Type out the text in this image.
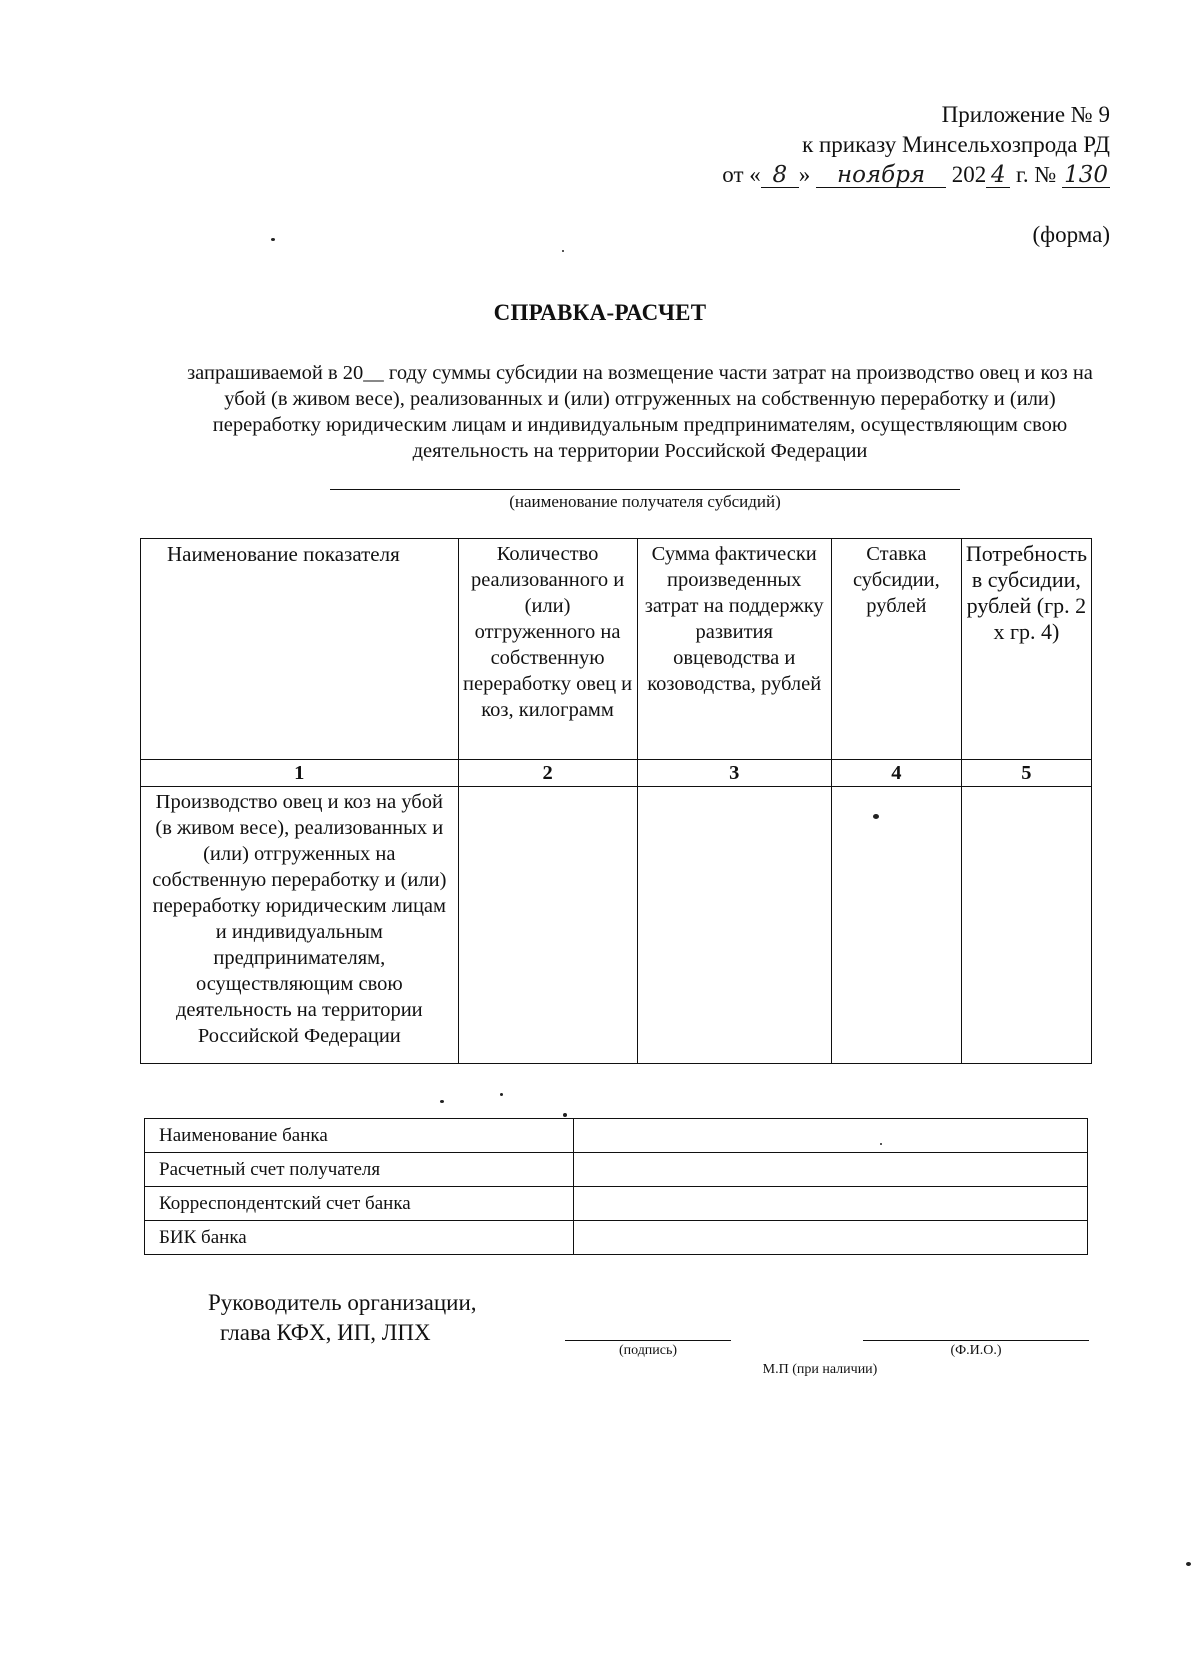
Приложение № 9
к приказу Минсельхозпрода РД
от « 8 » ноября 202 4 г. № 130
(форма)
СПРАВКА-РАСЧЕТ
запрашиваемой в 20__ году суммы субсидии на возмещение части затрат на производство овец и коз на убой (в живом весе), реализованных и (или) отгруженных на собственную переработку и (или) переработку юридическим лицам и индивидуальным предпринимателям, осуществляющим свою деятельность на территории Российской Федерации
(наименование получателя субсидий)
Наименование показателя	Количество реализованного и (или) отгруженного на собственную переработку овец и коз, килограмм	Сумма фактически произведенных затрат на поддержку развития овцеводства и козоводства, рублей	Ставка субсидии, рублей	Потребность в субсидии, рублей (гр. 2 х гр. 4)
1	2	3	4	5
Производство овец и коз на убой (в живом весе), реализованных и (или) отгруженных на собственную переработку и (или) переработку юридическим лицам и индивидуальным предпринимателям, осуществляющим свою деятельность на территории Российской Федерации				
Наименование банка	
Расчетный счет получателя	
Корреспондентский счет банка	
БИК банка	
Руководитель организации,
глава КФХ, ИП, ЛПХ
(подпись)	(Ф.И.О.)
М.П (при наличии)
